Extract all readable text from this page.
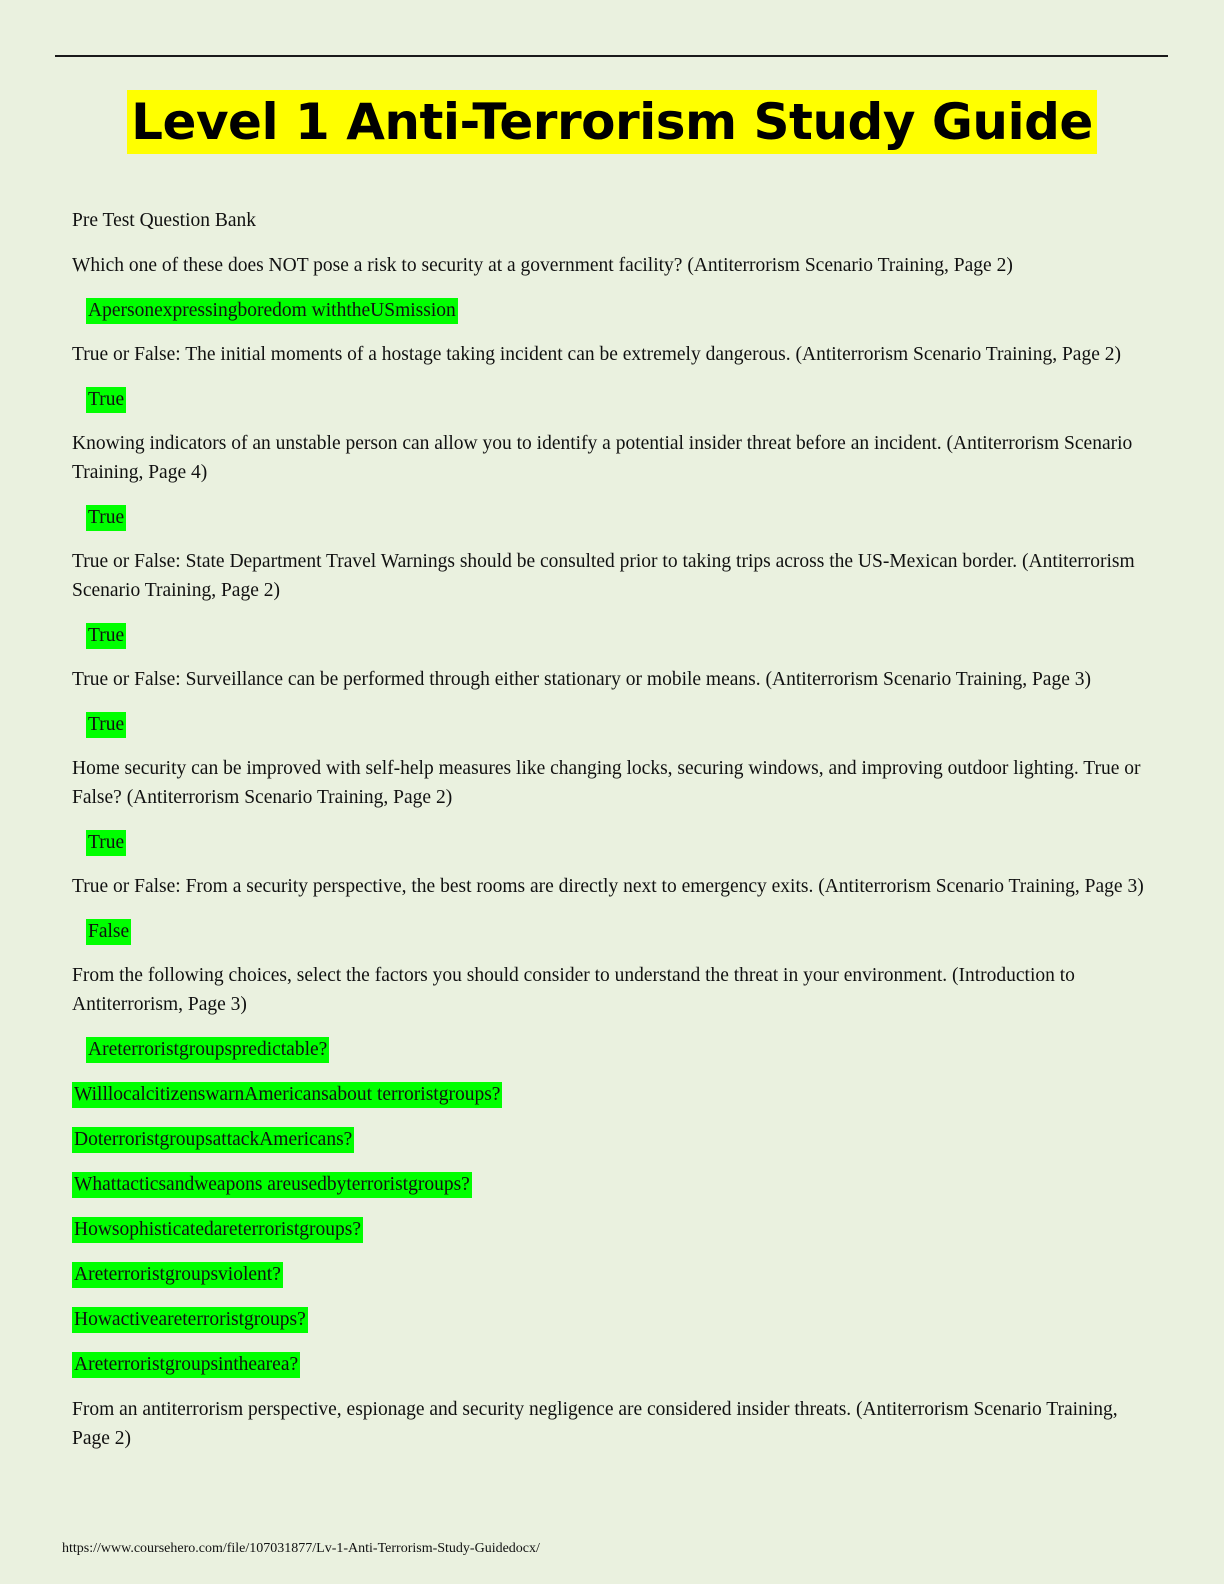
Level 1 Anti-Terrorism Study Guide

Pre Test Question Bank

Which one of these does NOT pose a risk to security at a government facility? (Antiterrorism Scenario Training, Page 2)

Apersonexpressingboredom withtheUSmission

True or False: The initial moments of a hostage taking incident can be extremely dangerous. (Antiterrorism Scenario Training, Page 2)

True

Knowing indicators of an unstable person can allow you to identify a potential insider threat before an incident. (Antiterrorism Scenario Training, Page 4)

True

True or False: State Department Travel Warnings should be consulted prior to taking trips across the US-Mexican border. (Antiterrorism Scenario Training, Page 2)

True

True or False: Surveillance can be performed through either stationary or mobile means. (Antiterrorism Scenario Training, Page 3)

True

Home security can be improved with self-help measures like changing locks, securing windows, and improving outdoor lighting. True or False? (Antiterrorism Scenario Training, Page 2)

True

True or False: From a security perspective, the best rooms are directly next to emergency exits. (Antiterrorism Scenario Training, Page 3)

False

From the following choices, select the factors you should consider to understand the threat in your environment. (Introduction to Antiterrorism, Page 3)

Areterroristgroupspredictable?
WilllocalcitizenswarnAmericansabout terroristgroups?
DoterroristgroupsattackAmericans?
Whattacticsandweapons areusedbyterroristgroups?
Howsophisticatedareterroristgroups?
Areterroristgroupsviolent?
Howactiveareterroristgroups?
Areterroristgroupsinthearea?

From an antiterrorism perspective, espionage and security negligence are considered insider threats. (Antiterrorism Scenario Training, Page 2)

https://www.coursehero.com/file/107031877/Lv-1-Anti-Terrorism-Study-Guidedocx/
